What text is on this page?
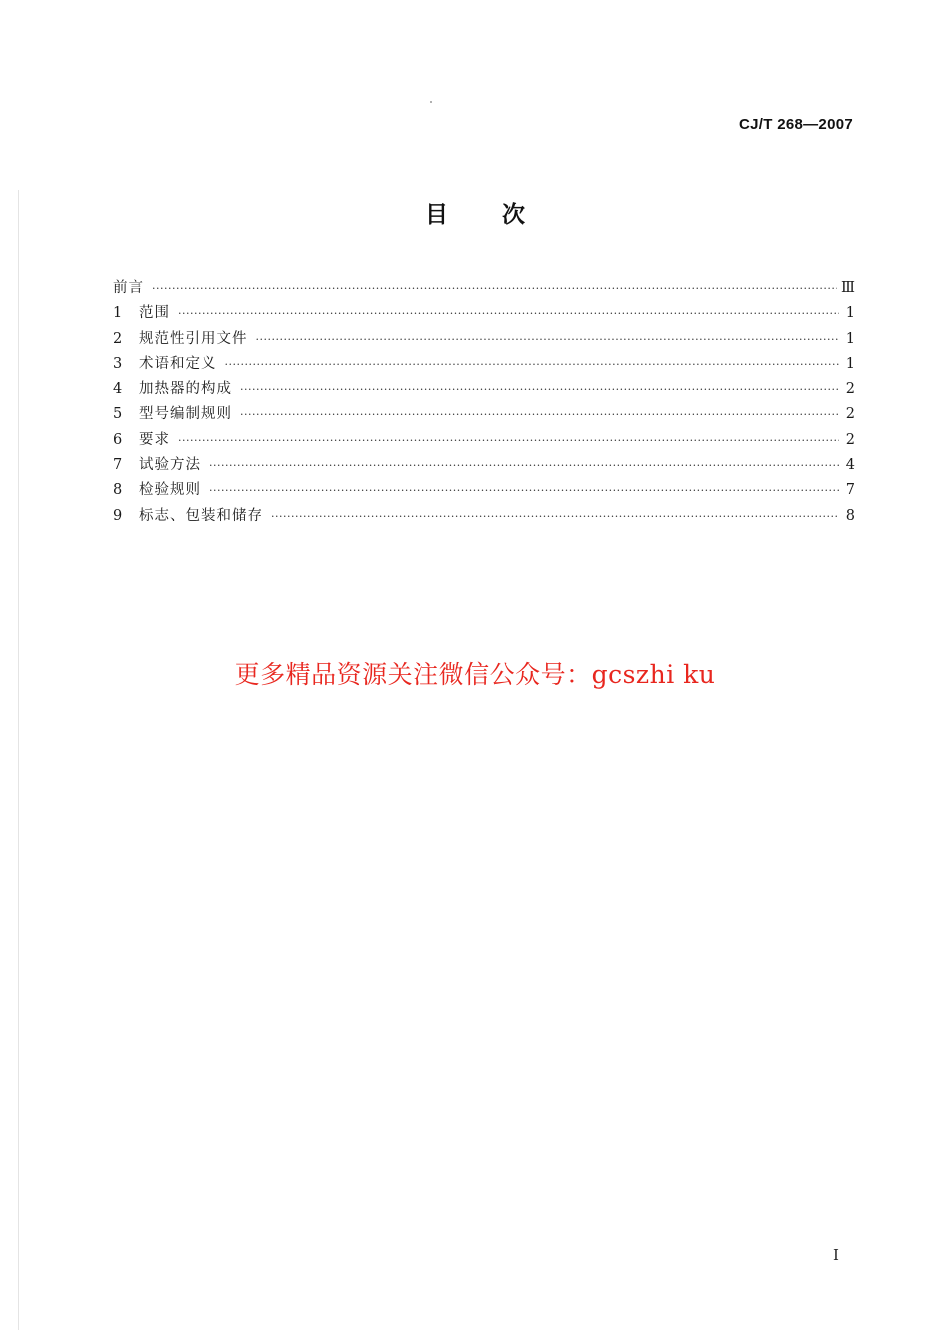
CJ/T 268—2007
目次
前言 ·····	Ⅲ
1	范围 ·····	1
2	规范性引用文件 ·····	1
3	术语和定义 ·····	1
4	加热器的构成 ·····	2
5	型号编制规则 ·····	2
6	要求 ·····	2
7	试验方法 ·····	4
8	检验规则 ·····	7
9	标志、包装和储存 ·····	8
更多精品资源关注微信公众号：gcszhi ku
I
